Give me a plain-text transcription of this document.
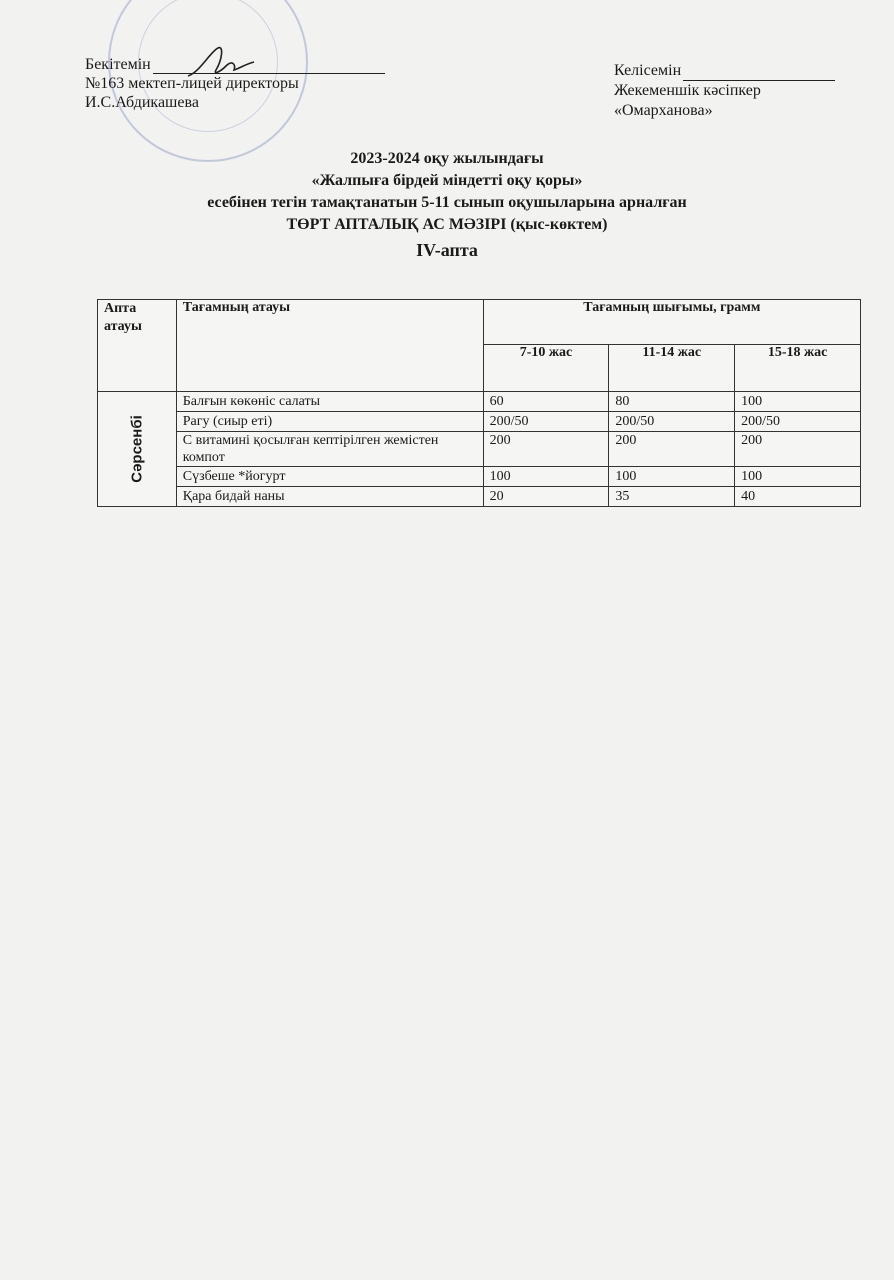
Бекітемін
№163 мектеп-лицей директоры
И.С.Абдикашева
Келісемін
Жекеменшік кәсіпкер
«Омарханова»
2023-2024 оқу жылындағы
«Жалпыға бірдей міндетті оқу қоры»
есебінен тегін тамақтанатын 5-11 сынып оқушыларына арналған
ТӨРТ АПТАЛЫҚ АС МӘЗІРІ (қыс-көктем)
IV-апта
Апта атауы	Тағамның атауы	Тағамның шығымы, грамм		
		7-10 жас	11-14 жас	15-18 жас

Сәрсенбі	Балғын көкөніс салаты	60	80	100
	Рагу (сиыр еті)	200/50	200/50	200/50
	С витамині қосылған кептірілген жемістен компот	200	200	200
	Сүзбеше *йогурт	100	100	100
	Қара бидай наны	20	35	40
